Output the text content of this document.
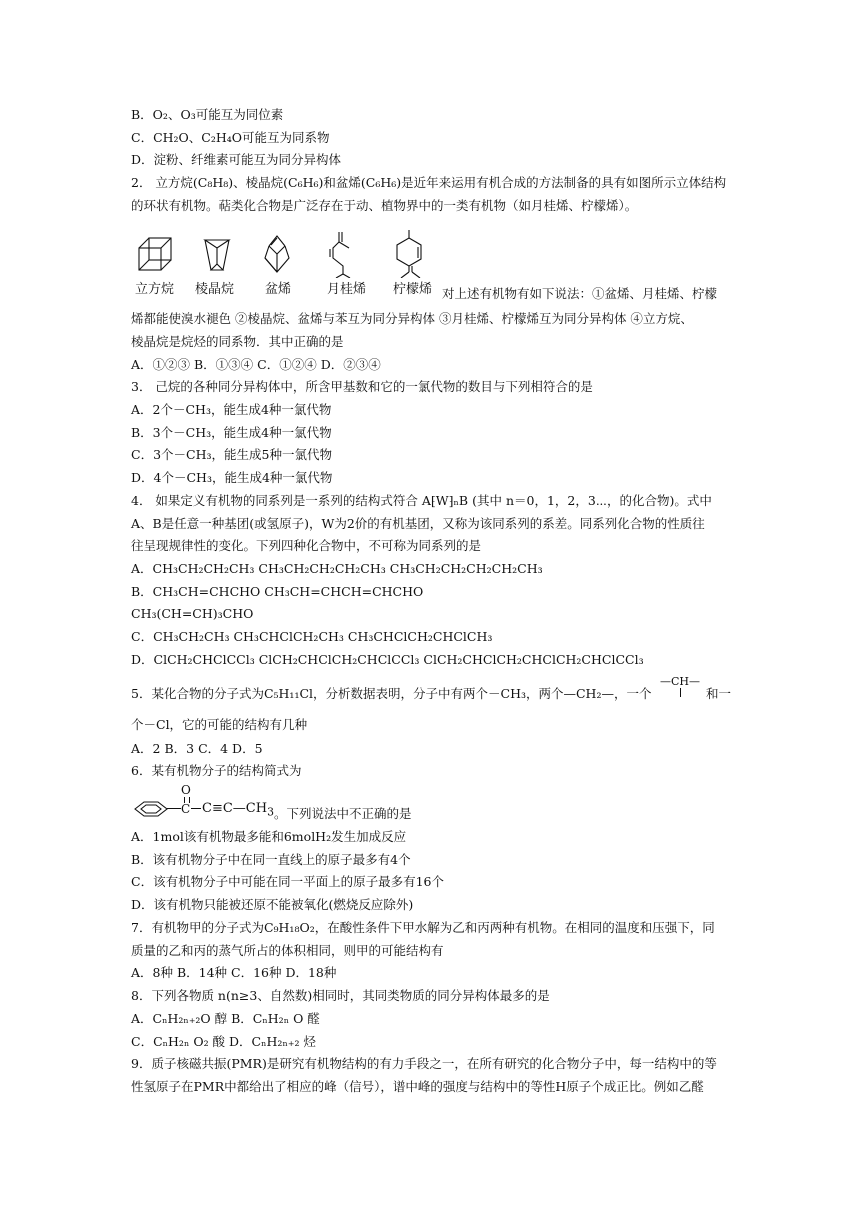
B．O₂、O₃可能互为同位素
C．CH₂O、C₂H₄O可能互为同系物
D．淀粉、纤维素可能互为同分异构体
2． 立方烷(C₈H₈)、棱晶烷(C₆H₆)和盆烯(C₆H₆)是近年来运用有机合成的方法制备的具有如图所示立体结构
的环状有机物。萜类化合物是广泛存在于动、植物界中的一类有机物（如月桂烯、柠檬烯）。
立方烷 棱晶烷 盆烯	月桂烯 柠檬烯 对上述有机物有如下说法：①盆烯、月桂烯、柠檬
烯都能使溴水褪色 ②棱晶烷、盆烯与苯互为同分异构体 ③月桂烯、柠檬烯互为同分异构体 ④立方烷、
棱晶烷是烷烃的同系物．其中正确的是
A．①②③ B．①③④ C．①②④ D．②③④
3． 己烷的各种同分异构体中，所含甲基数和它的一氯代物的数目与下列相符合的是
A．2个－CH₃，能生成4种一氯代物
B．3个－CH₃，能生成4种一氯代物
C．3个－CH₃，能生成5种一氯代物
D．4个－CH₃，能生成4种一氯代物
4． 如果定义有机物的同系列是一系列的结构式符合 A⁅W⁆ₙB (其中 n＝0，1，2，3⋯，的化合物)。式中
A、B是任意一种基团(或氢原子)，W为2价的有机基团，又称为该同系列的系差。同系列化合物的性质往
往呈现规律性的变化。下列四种化合物中，不可称为同系列的是
A．CH₃CH₂CH₂CH₃ CH₃CH₂CH₂CH₂CH₃ CH₃CH₂CH₂CH₂CH₂CH₃
B．CH₃CH=CHCHO CH₃CH=CHCH=CHCHO
CH₃(CH=CH)₃CHO
C．CH₃CH₂CH₃ CH₃CHClCH₂CH₃ CH₃CHClCH₂CHClCH₃
D．ClCH₂CHClCCl₃ ClCH₂CHClCH₂CHClCCl₃ ClCH₂CHClCH₂CHClCH₂CHClCCl₃
5．某化合物的分子式为C₅H₁₁Cl，分析数据表明，分子中有两个－CH₃，两个—CH₂—，一个
—CH—
和一
个－Cl，它的可能的结构有几种
A．2 B．3 C．4 D．5
6．某有机物分子的结构简式为
O
C $C\equiv C—CH_3$ 。下列说法中不正确的是
A．1mol该有机物最多能和6molH₂发生加成反应
B．该有机物分子中在同一直线上的原子最多有4个
C．该有机物分子中可能在同一平面上的原子最多有16个
D．该有机物只能被还原不能被氧化(燃烧反应除外)
7．有机物甲的分子式为C₉H₁₈O₂，在酸性条件下甲水解为乙和丙两种有机物。在相同的温度和压强下，同
质量的乙和丙的蒸气所占的体积相同，则甲的可能结构有
A．8种 B．14种 C．16种 D．18种
8．下列各物质 n(n≥3、自然数)相同时，其同类物质的同分异构体最多的是
A．CₙH₂ₙ₊₂O 醇 B．CₙH₂ₙ O 醛
C．CₙH₂ₙ O₂ 酸 D．CₙH₂ₙ₊₂ 烃
9．质子核磁共振(PMR)是研究有机物结构的有力手段之一，在所有研究的化合物分子中，每一结构中的等
性氢原子在PMR中都给出了相应的峰（信号），谱中峰的强度与结构中的等性H原子个成正比。例如乙醛
